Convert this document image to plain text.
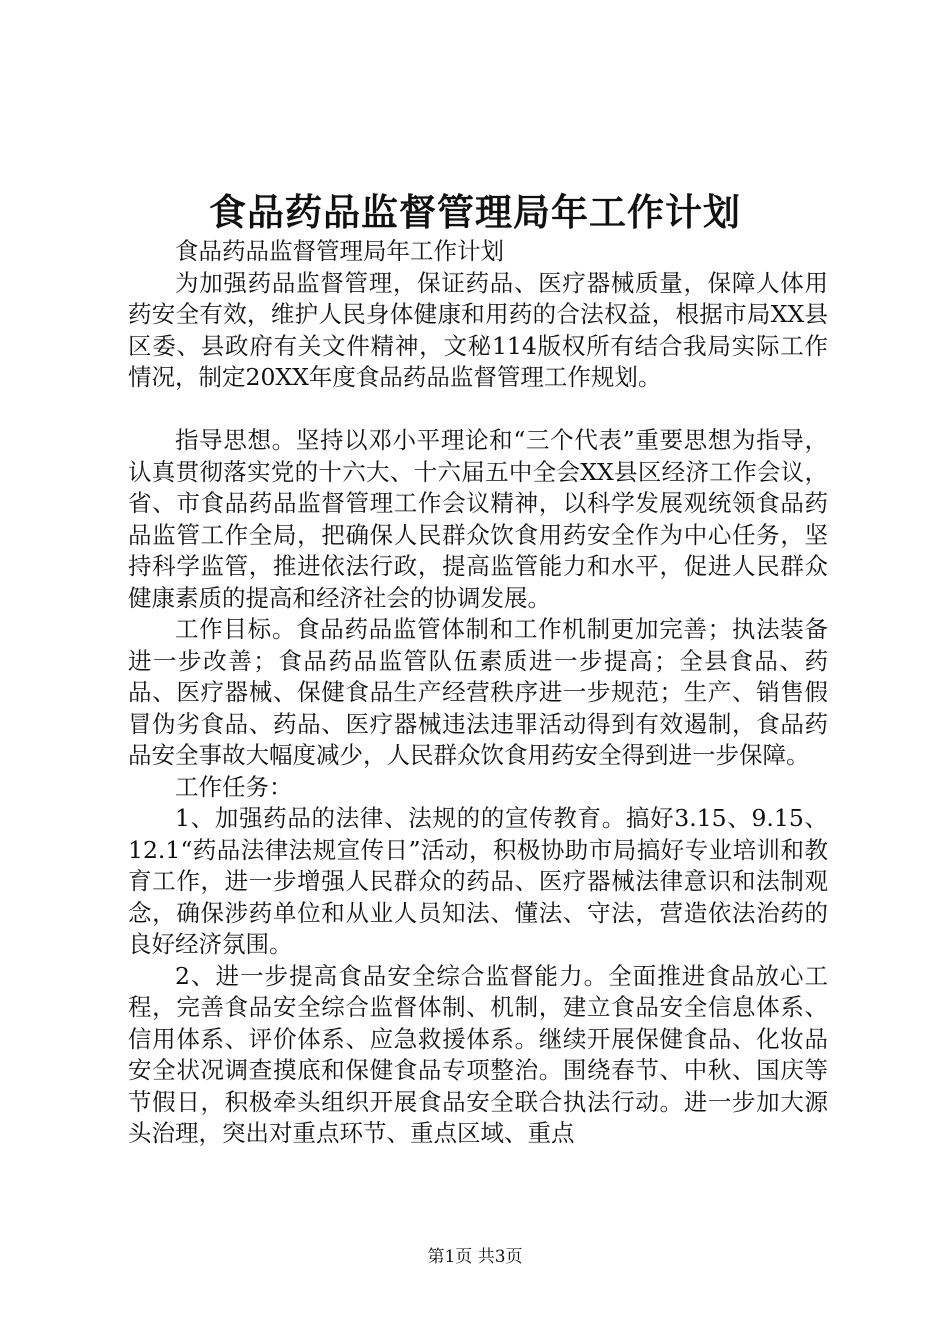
食品药品监督管理局年工作计划

食品药品监督管理局年工作计划

为加强药品监督管理，保证药品、医疗器械质量，保障人体用药安全有效，维护人民身体健康和用药的合法权益，根据市局XX县区委、县政府有关文件精神，文秘114版权所有结合我局实际工作情况，制定20XX年度食品药品监督管理工作规划。

指导思想。坚持以邓小平理论和“三个代表”重要思想为指导，认真贯彻落实党的十六大、十六届五中全会XX县区经济工作会议，省、市食品药品监督管理工作会议精神，以科学发展观统领食品药品监管工作全局，把确保人民群众饮食用药安全作为中心任务，坚持科学监管，推进依法行政，提高监管能力和水平，促进人民群众健康素质的提高和经济社会的协调发展。

工作目标。食品药品监管体制和工作机制更加完善；执法装备进一步改善；食品药品监管队伍素质进一步提高；全县食品、药品、医疗器械、保健食品生产经营秩序进一步规范；生产、销售假冒伪劣食品、药品、医疗器械违法违罪活动得到有效遏制，食品药品安全事故大幅度减少，人民群众饮食用药安全得到进一步保障。

工作任务：

1、加强药品的法律、法规的的宣传教育。搞好3.15、9.15、12.1“药品法律法规宣传日”活动，积极协助市局搞好专业培训和教育工作，进一步增强人民群众的药品、医疗器械法律意识和法制观念，确保涉药单位和从业人员知法、懂法、守法，营造依法治药的良好经济氛围。

2、进一步提高食品安全综合监督能力。全面推进食品放心工程，完善食品安全综合监督体制、机制，建立食品安全信息体系、信用体系、评价体系、应急救援体系。继续开展保健食品、化妆品安全状况调查摸底和保健食品专项整治。围绕春节、中秋、国庆等节假日，积极牵头组织开展食品安全联合执法行动。进一步加大源头治理，突出对重点环节、重点区域、重点

第1页 共3页
